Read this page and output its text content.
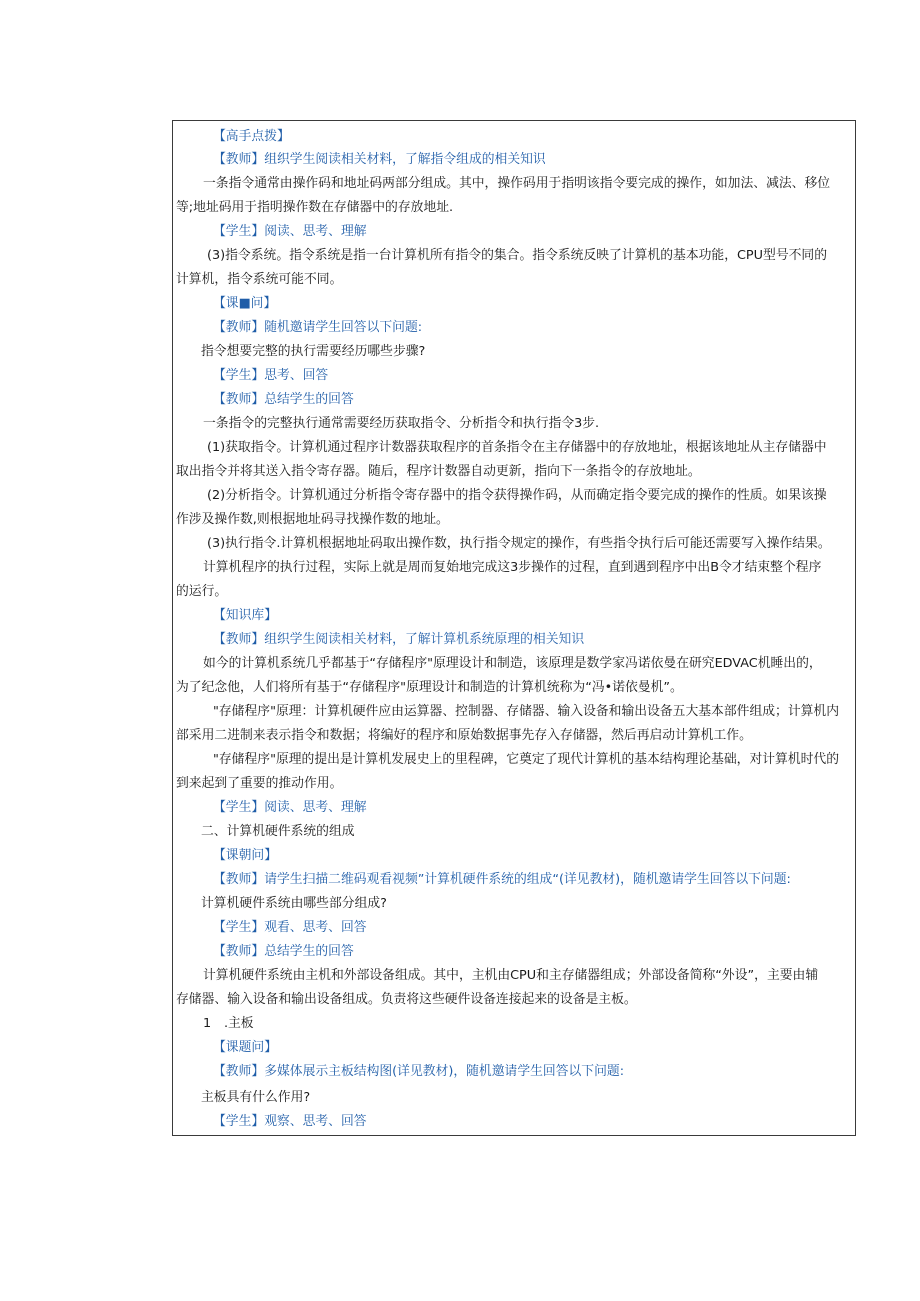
【高手点拨】
【教师】组织学生阅读相关材料，了解指令组成的相关知识
一条指令通常由操作码和地址码两部分组成。其中，操作码用于指明该指令要完成的操作，如加法、减法、移位
等;地址码用于指明操作数在存储器中的存放地址.
【学生】阅读、思考、理解
(3)指令系统。指令系统是指一台计算机所有指令的集合。指令系统反映了计算机的基本功能，CPU型号不同的
计算机，指令系统可能不同。
【课■问】
【教师】随机邀请学生回答以下问题:
指令想要完整的执行需要经历哪些步骤?
【学生】思考、回答
【教师】总结学生的回答
一条指令的完整执行通常需要经历获取指令、分析指令和执行指令3步.
(1)获取指令。计算机通过程序计数器获取程序的首条指令在主存储器中的存放地址，根据该地址从主存储器中
取出指令并将其送入指令寄存器。随后，程序计数器自动更新，指向下一条指令的存放地址。
(2)分析指令。计算机通过分析指令寄存器中的指令获得操作码，从而确定指令要完成的操作的性质。如果该操
作涉及操作数,则根据地址码寻找操作数的地址。
(3)执行指令.计算机根据地址码取出操作数，执行指令规定的操作，有些指令执行后可能还需要写入操作结果。
计算机程序的执行过程，实际上就是周而复始地完成这3步操作的过程，直到遇到程序中出B令才结束整个程序
的运行。
【知识库】
【教师】组织学生阅读相关材料，了解计算机系统原理的相关知识
如今的计算机系统几乎都基于“存储程序"原理设计和制造，该原理是数学家冯诺依曼在研究EDVAC机睡出的，
为了纪念他，人们将所有基于“存储程序"原理设计和制造的计算机统称为“冯•诺依曼机”。
"存储程序"原理：计算机硬件应由运算器、控制器、存储器、输入设备和输出设备五大基本部件组成；计算机内
部采用二进制来表示指令和数据；将编好的程序和原始数据事先存入存储器，然后再启动计算机工作。
"存储程序"原理的提出是计算机发展史上的里程碑，它奠定了现代计算机的基本结构理论基础，对计算机时代的
到来起到了重要的推动作用。
【学生】阅读、思考、理解
二、计算机硬件系统的组成
【课朝问】
【教师】请学生扫描二维码观看视频”计算机硬件系统的组成“(详见教材)，随机邀请学生回答以下问题:
计算机硬件系统由哪些部分组成?
【学生】观看、思考、回答
【教师】总结学生的回答
计算机硬件系统由主机和外部设备组成。其中，主机由CPU和主存储器组成；外部设备简称“外设”，主要由辅
存储器、输入设备和输出设备组成。负责将这些硬件设备连接起来的设备是主板。
1　.主板
【课题问】
【教师】多媒体展示主板结构图(详见教材)，随机邀请学生回答以下问题:
主板具有什么作用?
【学生】观察、思考、回答
